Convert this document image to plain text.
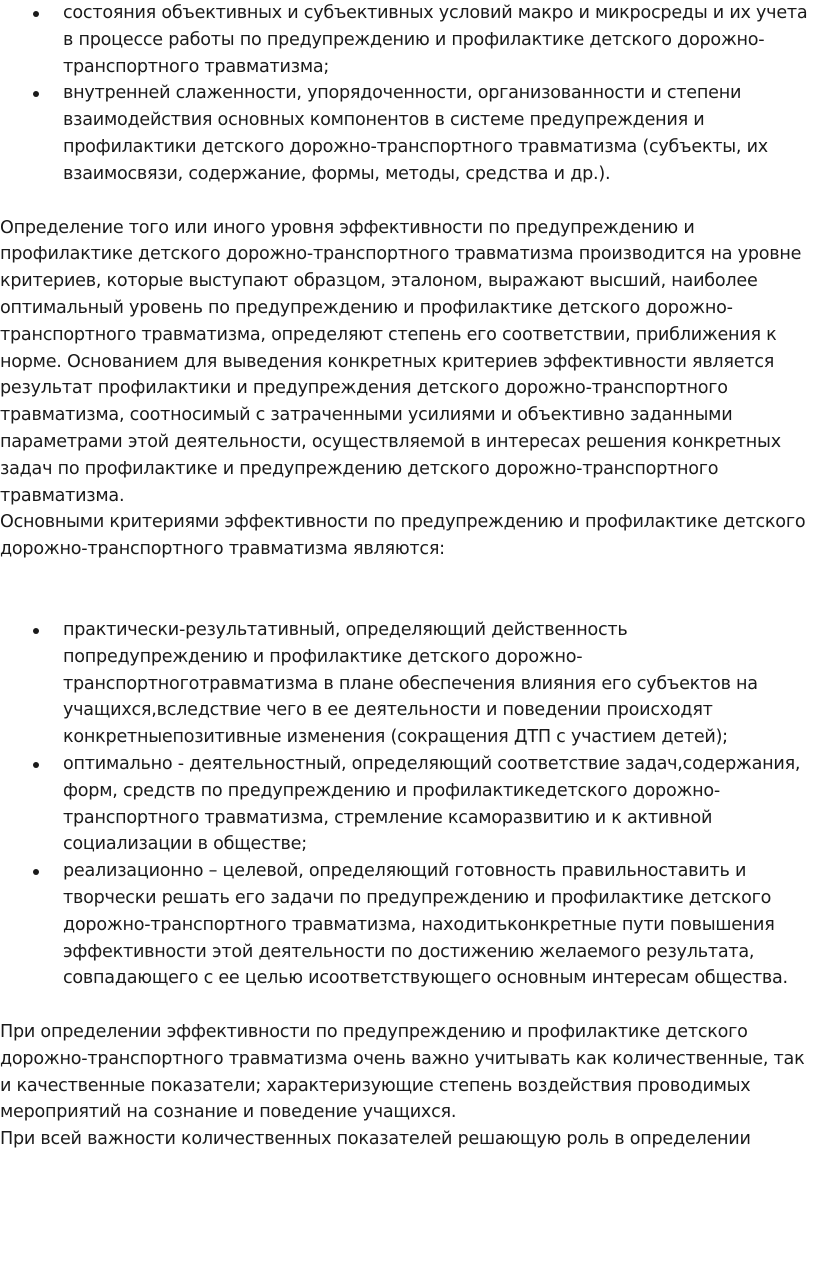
состояния объективных и субъективных условий макро и микросреды и их учета в процессе работы по предупреждению и профилактике детского дорожно-транспортного травматизма;
внутренней слаженности, упорядоченности, организованности и степени взаимодействия основных компонентов в системе предупреждения и профилактики детского дорожно-транспортного травматизма (субъекты, их взаимосвязи, содержание, формы, методы, средства и др.).

Определение того или иного уровня эффективности по предупреждению и профилактике детского дорожно-транспортного травматизма производится на уровне критериев, которые выступают образцом, эталоном, выражают высший, наиболее оптимальный уровень по предупреждению и профилактике детского дорожно-транспортного травматизма, определяют степень его соответствии, приближения к норме. Основанием для выведения конкретных критериев эффективности является результат профилактики и предупреждения детского дорожно-транспортного травматизма, соотносимый с затраченными усилиями и объективно заданными параметрами этой деятельности, осуществляемой в интересах решения конкретных задач по профилактике и предупреждению детского дорожно-транспортного травматизма.

Основными критериями эффективности по предупреждению и профилактике детского дорожно-транспортного травматизма являются:

практически-результативный, определяющий действенность попредупреждению и профилактике детского дорожно-транспортноготравматизма в плане обеспечения влияния его субъектов на учащихся,вследствие чего в ее деятельности и поведении происходят конкретныепозитивные изменения (сокращения ДТП с участием детей);
оптимально - деятельностный, определяющий соответствие задач,содержания, форм, средств по предупреждению и профилактикедетского дорожно-транспортного травматизма, стремление ксаморазвитию и к активной социализации в обществе;
реализационно – целевой, определяющий готовность правильноставить и творчески решать его задачи по предупреждению и профилактике детского дорожно-транспортного травматизма, находитьконкретные пути повышения эффективности этой деятельности по достижению желаемого результата, совпадающего с ее целью исоответствующего основным интересам общества.

При определении эффективности по предупреждению и профилактике детского дорожно-транспортного травматизма очень важно учитывать как количественные, так и качественные показатели; характеризующие степень воздействия проводимых мероприятий на сознание и поведение учащихся.

При всей важности количественных показателей решающую роль в определении
